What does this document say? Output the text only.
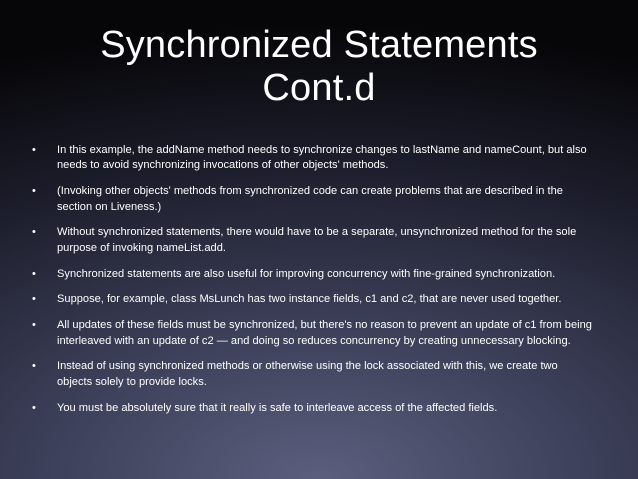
Synchronized Statements
Cont.d
• In this example, the addName method needs to synchronize changes to lastName and nameCount, but also needs to avoid synchronizing invocations of other objects' methods.
• (Invoking other objects' methods from synchronized code can create problems that are described in the section on Liveness.)
• Without synchronized statements, there would have to be a separate, unsynchronized method for the sole purpose of invoking nameList.add.
• Synchronized statements are also useful for improving concurrency with fine-grained synchronization.
• Suppose, for example, class MsLunch has two instance fields, c1 and c2, that are never used together.
• All updates of these fields must be synchronized, but there's no reason to prevent an update of c1 from being interleaved with an update of c2 — and doing so reduces concurrency by creating unnecessary blocking.
• Instead of using synchronized methods or otherwise using the lock associated with this, we create two objects solely to provide locks.
• You must be absolutely sure that it really is safe to interleave access of the affected fields.
